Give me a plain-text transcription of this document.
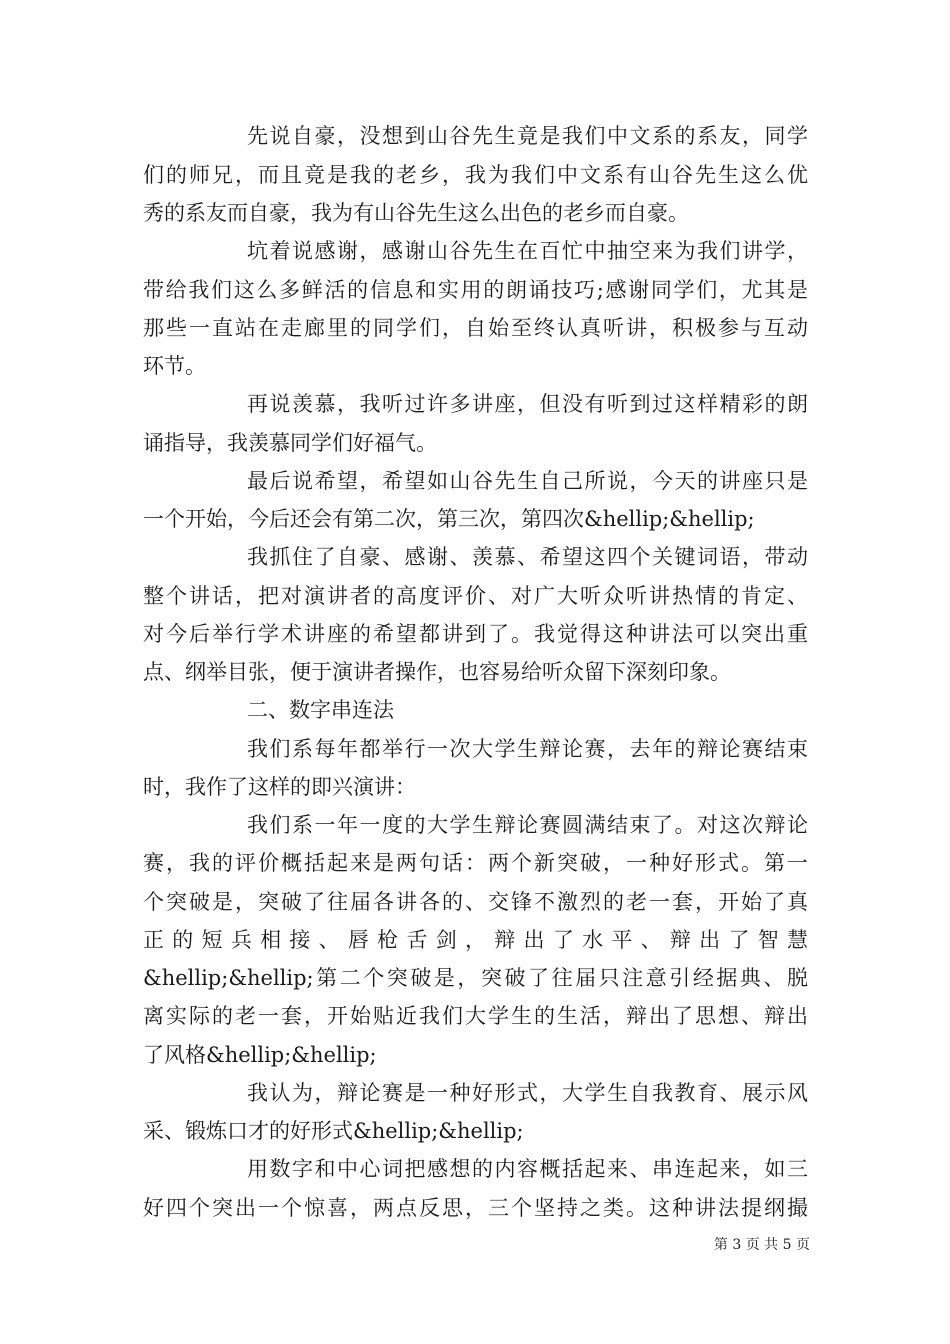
先说自豪，没想到山谷先生竟是我们中文系的系友，同学
们的师兄，而且竟是我的老乡，我为我们中文系有山谷先生这么优
秀的系友而自豪，我为有山谷先生这么出色的老乡而自豪。
坑着说感谢，感谢山谷先生在百忙中抽空来为我们讲学，
带给我们这么多鲜活的信息和实用的朗诵技巧;感谢同学们，尤其是
那些一直站在走廊里的同学们，自始至终认真听讲，积极参与互动
环节。
再说羡慕，我听过许多讲座，但没有听到过这样精彩的朗
诵指导，我羡慕同学们好福气。
最后说希望，希望如山谷先生自己所说，今天的讲座只是
一个开始，今后还会有第二次，第三次，第四次&hellip;&hellip;
我抓住了自豪、感谢、羡慕、希望这四个关键词语，带动
整个讲话，把对演讲者的高度评价、对广大听众听讲热情的肯定、
对今后举行学术讲座的希望都讲到了。我觉得这种讲法可以突出重
点、纲举目张，便于演讲者操作，也容易给听众留下深刻印象。
二、数字串连法
我们系每年都举行一次大学生辩论赛，去年的辩论赛结束
时，我作了这样的即兴演讲：
我们系一年一度的大学生辩论赛圆满结束了。对这次辩论
赛，我的评价概括起来是两句话：两个新突破，一种好形式。第一
个突破是，突破了往届各讲各的、交锋不激烈的老一套，开始了真
正 的 短 兵 相 接 、 唇 枪 舌 剑 ， 辩 出 了 水 平 、 辩 出 了 智 慧
&hellip;&hellip;第二个突破是，突破了往届只注意引经据典、脱
离实际的老一套，开始贴近我们大学生的生活，辩出了思想、辩出
了风格&hellip;&hellip;
我认为，辩论赛是一种好形式，大学生自我教育、展示风
采、锻炼口才的好形式&hellip;&hellip;
用数字和中心词把感想的内容概括起来、串连起来，如三
好四个突出一个惊喜，两点反思，三个坚持之类。这种讲法提纲撮
第 3 页 共 5 页
